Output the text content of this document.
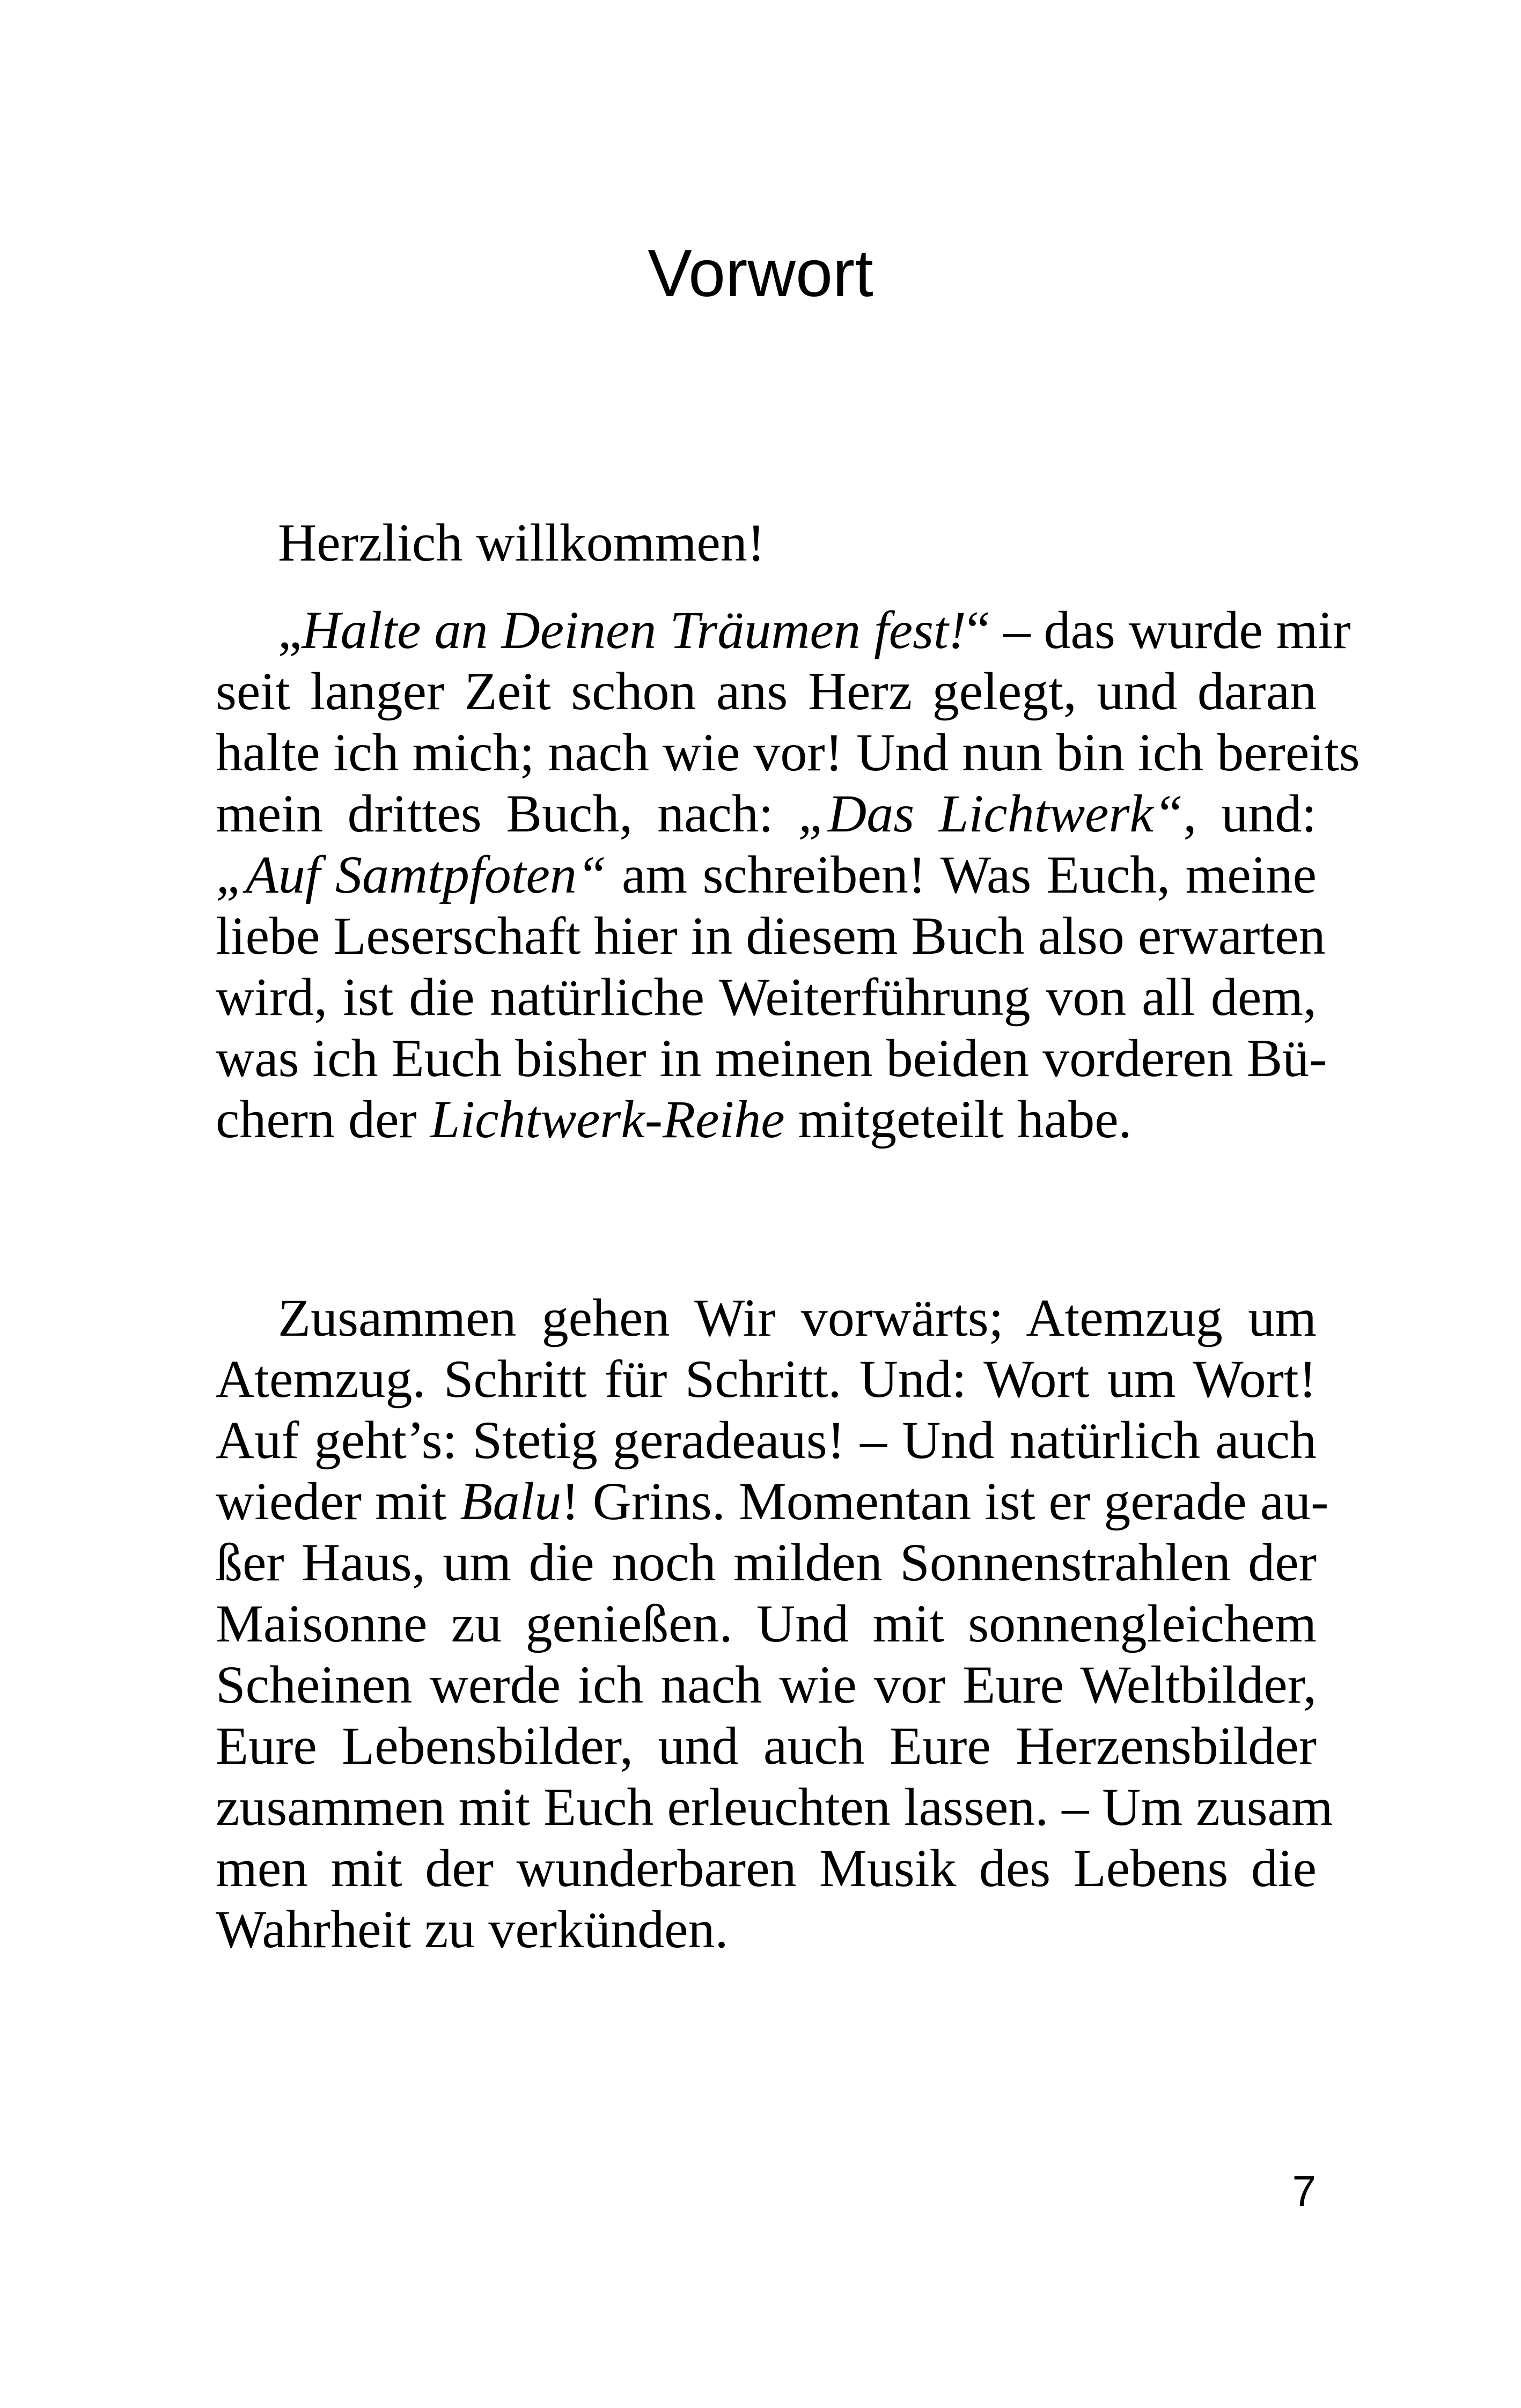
Vorwort
Herzlich willkommen!
„Halte an Deinen Träumen fest!“ – das wurde mir
seit langer Zeit schon ans Herz gelegt, und daran
halte ich mich; nach wie vor! Und nun bin ich bereits
mein drittes Buch, nach: „Das Lichtwerk“, und:
„Auf Samtpfoten“ am schreiben! Was Euch, meine
liebe Leserschaft hier in diesem Buch also erwarten
wird, ist die natürliche Weiterführung von all dem,
was ich Euch bisher in meinen beiden vorderen Bü-
chern der Lichtwerk-Reihe mitgeteilt habe.
Zusammen gehen Wir vorwärts; Atemzug um
Atemzug. Schritt für Schritt. Und: Wort um Wort!
Auf geht’s: Stetig geradeaus! – Und natürlich auch
wieder mit Balu! Grins. Momentan ist er gerade au-
ßer Haus, um die noch milden Sonnenstrahlen der
Maisonne zu genießen. Und mit sonnengleichem
Scheinen werde ich nach wie vor Eure Weltbilder,
Eure Lebensbilder, und auch Eure Herzensbilder
zusammen mit Euch erleuchten lassen. – Um zusam
men mit der wunderbaren Musik des Lebens die
Wahrheit zu verkünden.
7
